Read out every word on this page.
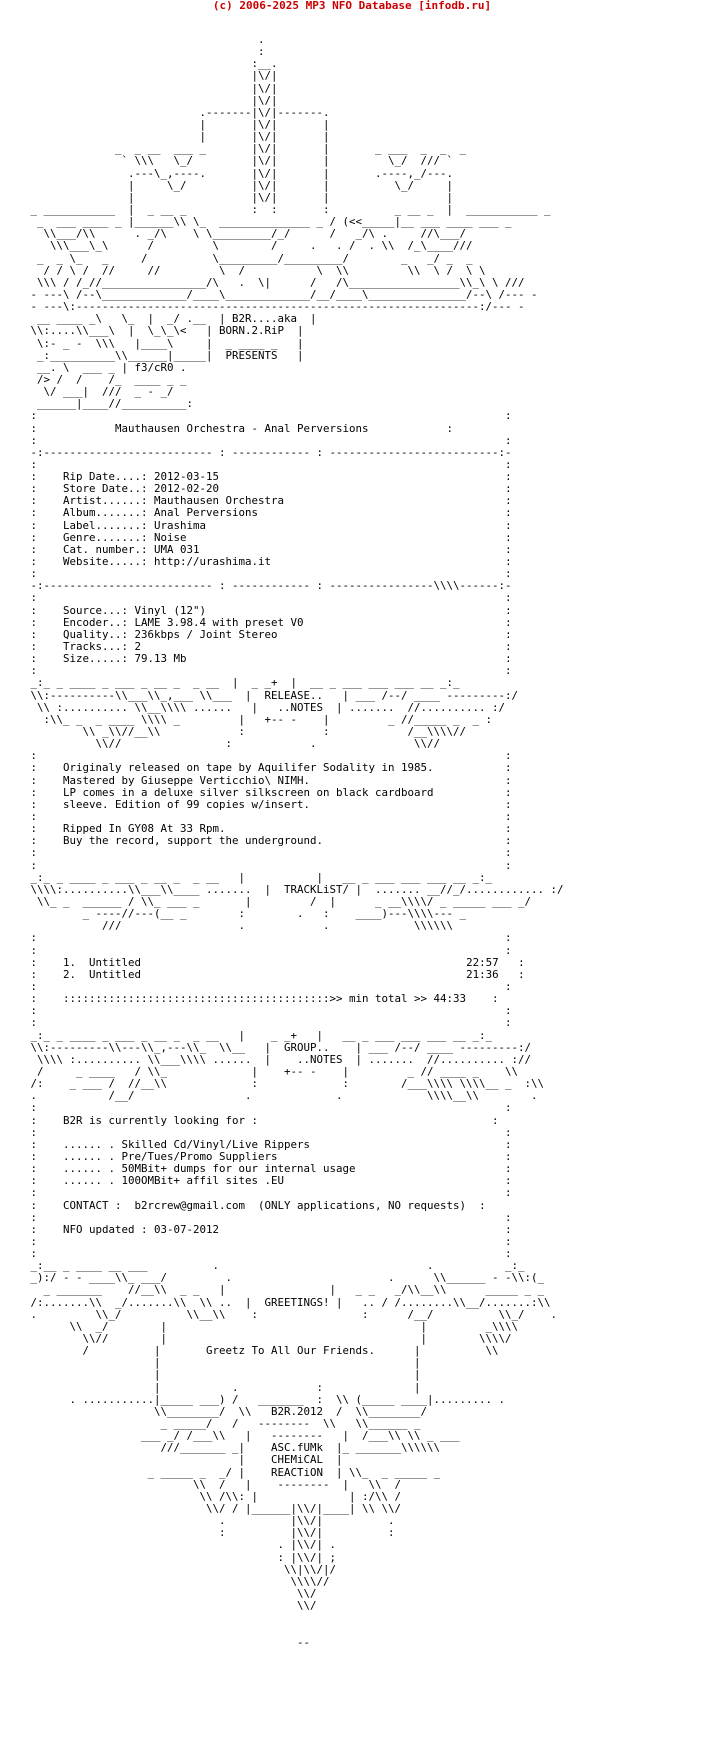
(c) 2006-2025 MP3 NFO Database [infodb.ru]
.
:
:__.
|\/|
|\/|
|\/|
.-------|\/|-------.
|       |\/|       |
|       |\/|       |
_  _ __  ___ _       |\/|       |       _ ___  _  _  _
` \\\   \_/         |\/|       |         \_/  /// `
.---\_,----.       |\/|       |       .----,_/---.
|     \_/          |\/|       |          \_/     |
|                  |\/|       |                  |
_ ___________  |  _ __ _          :  :       :          _ __ _  |  ___________ _
_  ___ ____ _ |______\\ \_  ______________ _ / (<<_____|__ ___ ____ ___ _
\\___/\\      . _/\    \ \_________/_/      /   _/\ .     //\___/
\\\___\_\      /         \        /     .   . /  . \\  /_\____///
_  _ \_   _     /          \_________/_________/        _   _/ _  _
/ / \ /  //     //         \  /           \  \\         \\  \ /  \ \
\\\ / /_//________________/\   .  \|      /   /\_________________\\_\ \ ///
- ---\ /--\_____________/____\_____________/__/____\_______________/--\ /--- -
- ---\:--------------------------------------------------------------:/--- -
__ ____ _\   \_  |  _/ .__  | B2R....aka  |
\\:....\\___\  |  \_\_\<   | BORN.2.RiP  |
\:- _ -  \\\   |____\     |  _ ____ _   |
_:__________\\______|_____|  PRESENTS   |
__. \  ___ _ | f3/cR0 .
/> /  /    /_  ____ _ _
\/ ___|  ///  _ - _/
______|____//__________:
:                                                                        :
:	Mauthausen Orchestra - Anal Perversions	:
:                                                                        :
-:-------------------------- : ------------ : --------------------------:-
:                                                                        :
:    Rip Date....: 2012-03-15	:
:    Store Date..: 2012-02-20	:
:    Artist......: Mauthausen Orchestra	:
:    Album.......: Anal Perversions	:
:    Label.......: Urashima	:
:    Genre.......: Noise	:
:    Cat. number.: UMA 031	:
:    Website.....: http://urashima.it	:
:                                                                        :
-:-------------------------- : ------------ : ----------------\\\\------:-
:                                                                        :
:    Source...: Vinyl (12")	:
:    Encoder..: LAME 3.98.4 with preset V0	:
:    Quality..: 236kbps / Joint Stereo	:
:    Tracks...: 2	:
:    Size.....: 79.13 Mb	:
:                                                                        :
_:_ _ ____ _ ___ _ __ _  _ __  |  _ _+  |  __ _ ___ ___ ___ __ _:_
\\:----------\\___\\_,___ \\___  |  RELEASE..   | ___ /--/ ____ ---------:/
\\ :.......... \\__\\\\ ......   |   ..NOTES  | .......  //.......... :/
:\\_ _  _ ____ \\\\ _         |   +-- -    |         _ //_____ _  _ :
\\ _\\//__\\            :            :            /__\\\\//
\\//                :            .               \\//
:                                                                        :
:    Originaly released on tape by Aquilifer Sodality in 1985.	:
:    Mastered by Giuseppe Verticchio\ NIMH.	:
:    LP comes in a deluxe silver silkscreen on black cardboard	:
:    sleeve. Edition of 99 copies w/insert.	:
:	:
:    Ripped In GY08 At 33 Rpm.	:
:    Buy the record, support the underground.	:
:                                                                        :
:                                                                        :
_:_ _ ____ _ ___ _ __ _  _ __   |           |   __ _ ___ ___ ___ __ _:_
\\\\:..........\\___\\____ .......  |  TRACKLiST/ |  ....... __//_/............ :/
\\_ _  ______ / \\_ ___ _       |         /  |      _ __\\\\/ _ _____ ___ _/
_ ----//---(__ _        :        .   :    ____)---\\\\--- _
///                  .            .             \\\\\\
:                                                                        :
:                                                                        :
:    1. Untitled	22:57   :
:    2. Untitled	21:36   :
:                                                                        :
:    :::::::::::::::::::::::::::::::::::::::::>> min total >> 44:33    :
:                                                                        :
:                                                                        :
_:_ _ ____ _ ___ _ __ _  _ __   |    _ _+   |   __ _ ___ ___ ___ __ _:_
\\:---------\\---\\_,---\\_  \\__   |  GROUP..    | ___ /--/ ____ ---------:/
\\\\ :.......... \\___\\\\ ......  |    ..NOTES  | .......  //.......... ://
/     _ ____   / \\_             |    +-- -    |         _ // ____ _    \\
/:    _ ___ /  //__\\             :             :        /___\\\\ \\\\__ _  :\\
.           /__/                 .             .             \\\\__\\        .
:                                                                        :
:    B2R is currently looking for :	:
:                                                                        :
:    ...... . Skilled Cd/Vinyl/Live Rippers	:
:    ...... . Pre/Tues/Promo Suppliers	:
:    ...... . 50MBit+ dumps for our internal usage	:
:    ...... . 100OMBit+ affil sites .EU	:
:                                                                        :
:    CONTACT : b2rcrew@gmail.com  (ONLY applications, NO requests)  :
:                                                                        :
:    NFO updated : 03-07-2012	:
:                                                                        :
:                                                                        :
_:__ _ ____ __ ___          .                                .           _:_
_):/ - - ____\\_ ___/         .                        .      \\______ - -\\:(_
_ _______    //__\\  _ _   |                |   _ _   _/\\__\\      _____ _ _
/:.......\\  _/.......\\  \\ ..  |  GREETINGS! |   .. / /........\\__/.......:\\
.         \\_/          \\__\\    :                :      /__/          \\_/    .
\\  _/        |                                       |         _\\\\
\\//        |                                       |        \\\\/
/          |	Greetz To All Our Friends.	|          \\
|                                       |
|                                       |
|           .            :              |
. ...........|_____ ___) /   _______  :  \\ (_____ ____|......... .
\\________/  \\   B2R.2012  /  \\________/
_ _____/   /   --------  \\   \\______ _
___ _/ /___\\   |   --------   |  /___\\ \\ _ ___
///_______ _|    ASC.fUMk  |_ _______\\\\\\
|    CHEMiCAL  |
_ _____ _  _/ |    REACTiON  | \\_  _ _____ _
\\  /   |    --------  |   \\  /
\\ /\\: |              | :/\\ /
\\/ / |______|\\/|____| \\ \\/
.          |\\/|          .
:          |\\/|          :
. |\\/| .
: |\\/| ;
\\|\\/|/
\\\\//
\\/
\\/

--
